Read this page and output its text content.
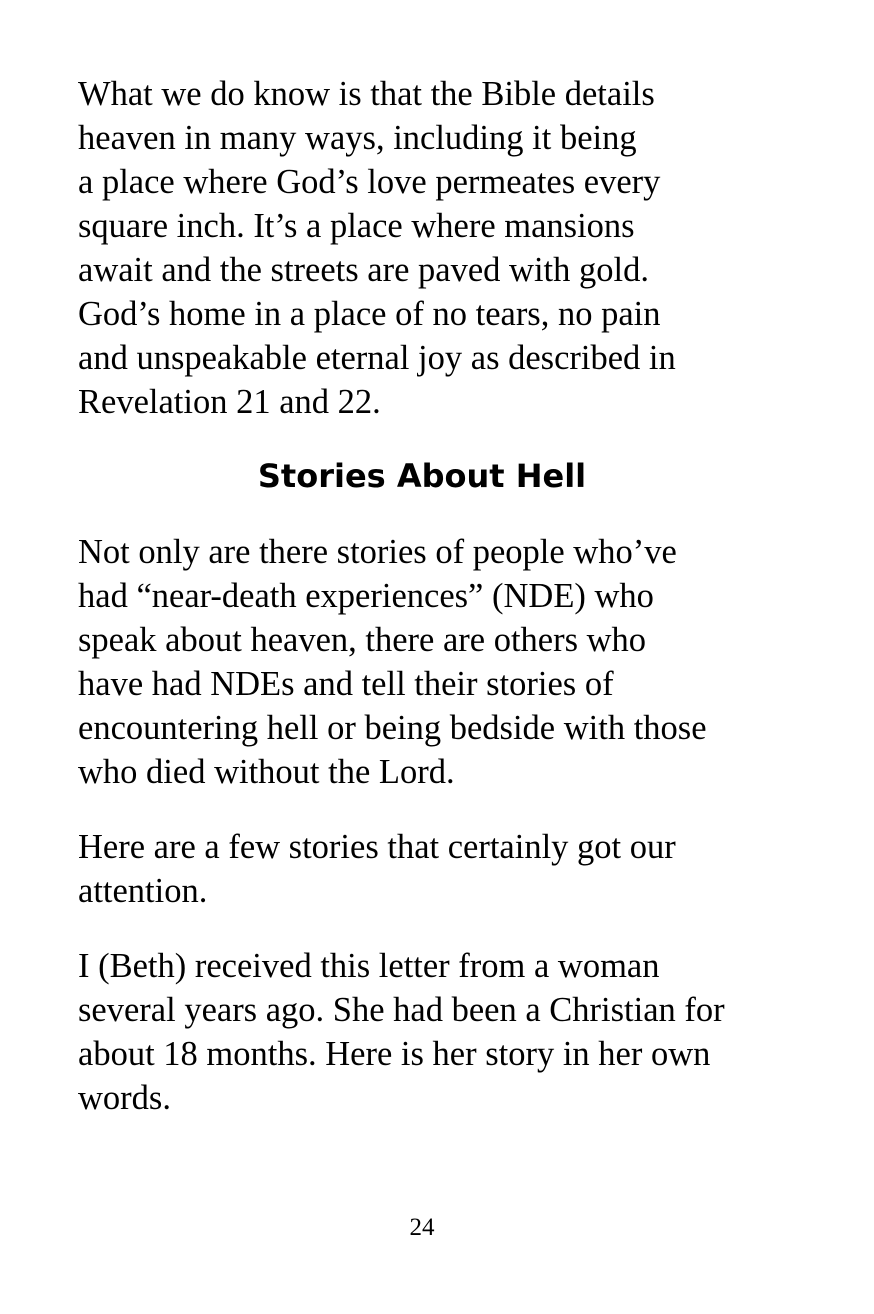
What we do know is that the Bible details
heaven in many ways, including it being
a place where God’s love permeates every
square inch. It’s a place where mansions
await and the streets are paved with gold.
God’s home in a place of no tears, no pain
and unspeakable eternal joy as described in
Revelation 21 and 22.

Stories About Hell

Not only are there stories of people who’ve
had “near-death experiences” (NDE) who
speak about heaven, there are others who
have had NDEs and tell their stories of
encountering hell or being bedside with those
who died without the Lord.

Here are a few stories that certainly got our
attention.

I (Beth) received this letter from a woman
several years ago. She had been a Christian for
about 18 months. Here is her story in her own
words.

24
